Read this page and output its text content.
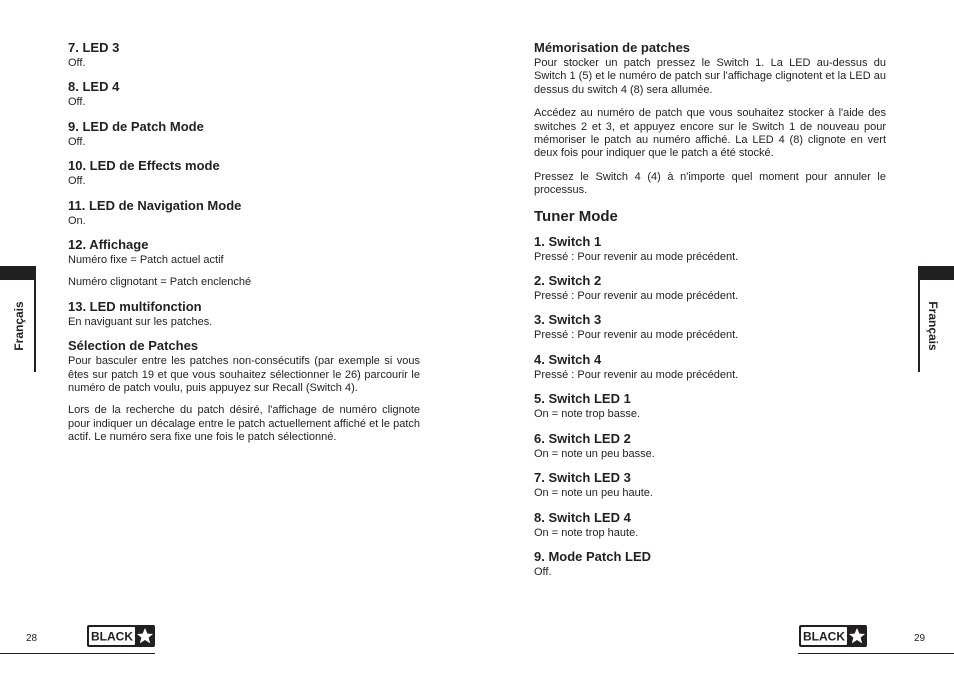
7. LED 3
Off.
8. LED 4
Off.
9. LED de Patch Mode
Off.
10. LED de Effects mode
Off.
11. LED de Navigation Mode
On.
12. Affichage
Numéro fixe = Patch actuel actif
Numéro clignotant = Patch enclenché
13. LED multifonction
En naviguant sur les patches.
Sélection de Patches
Pour basculer entre les patches non-consécutifs (par exemple si vous êtes sur patch 19 et que vous souhaitez sélectionner le 26) parcourir le numéro de patch voulu, puis appuyez sur Recall (Switch 4).
Lors de la recherche du patch désiré, l'affichage de numéro clignote pour indiquer un décalage entre le patch actuellement affiché et le patch actif. Le numéro sera fixe une fois le patch sélectionné.
Mémorisation de patches
Pour stocker un patch pressez le Switch 1. La LED au-dessus du Switch 1 (5) et le numéro de patch sur l'affichage clignotent et la LED au dessus du switch 4 (8) sera allumée.
Accédez au numéro de patch que vous souhaitez stocker à l'aide des switches 2 et 3, et appuyez encore sur le Switch 1 de nouveau pour mémoriser le patch au numéro affiché. La LED 4 (8) clignote en vert deux fois pour indiquer que le patch a été stocké.
Pressez le Switch 4 (4) à n'importe quel moment pour annuler le processus.
Tuner Mode
1. Switch 1
Pressé : Pour revenir au mode précédent.
2. Switch 2
Pressé : Pour revenir au mode précédent.
3. Switch 3
Pressé : Pour revenir au mode précédent.
4. Switch 4
Pressé : Pour revenir au mode précédent.
5. Switch LED 1
On = note trop basse.
6. Switch LED 2
On = note un peu basse.
7. Switch LED 3
On = note un peu haute.
8. Switch LED 4
On = note trop haute.
9. Mode Patch LED
Off.
Français	Français
28	29
BLACK	BLACK
